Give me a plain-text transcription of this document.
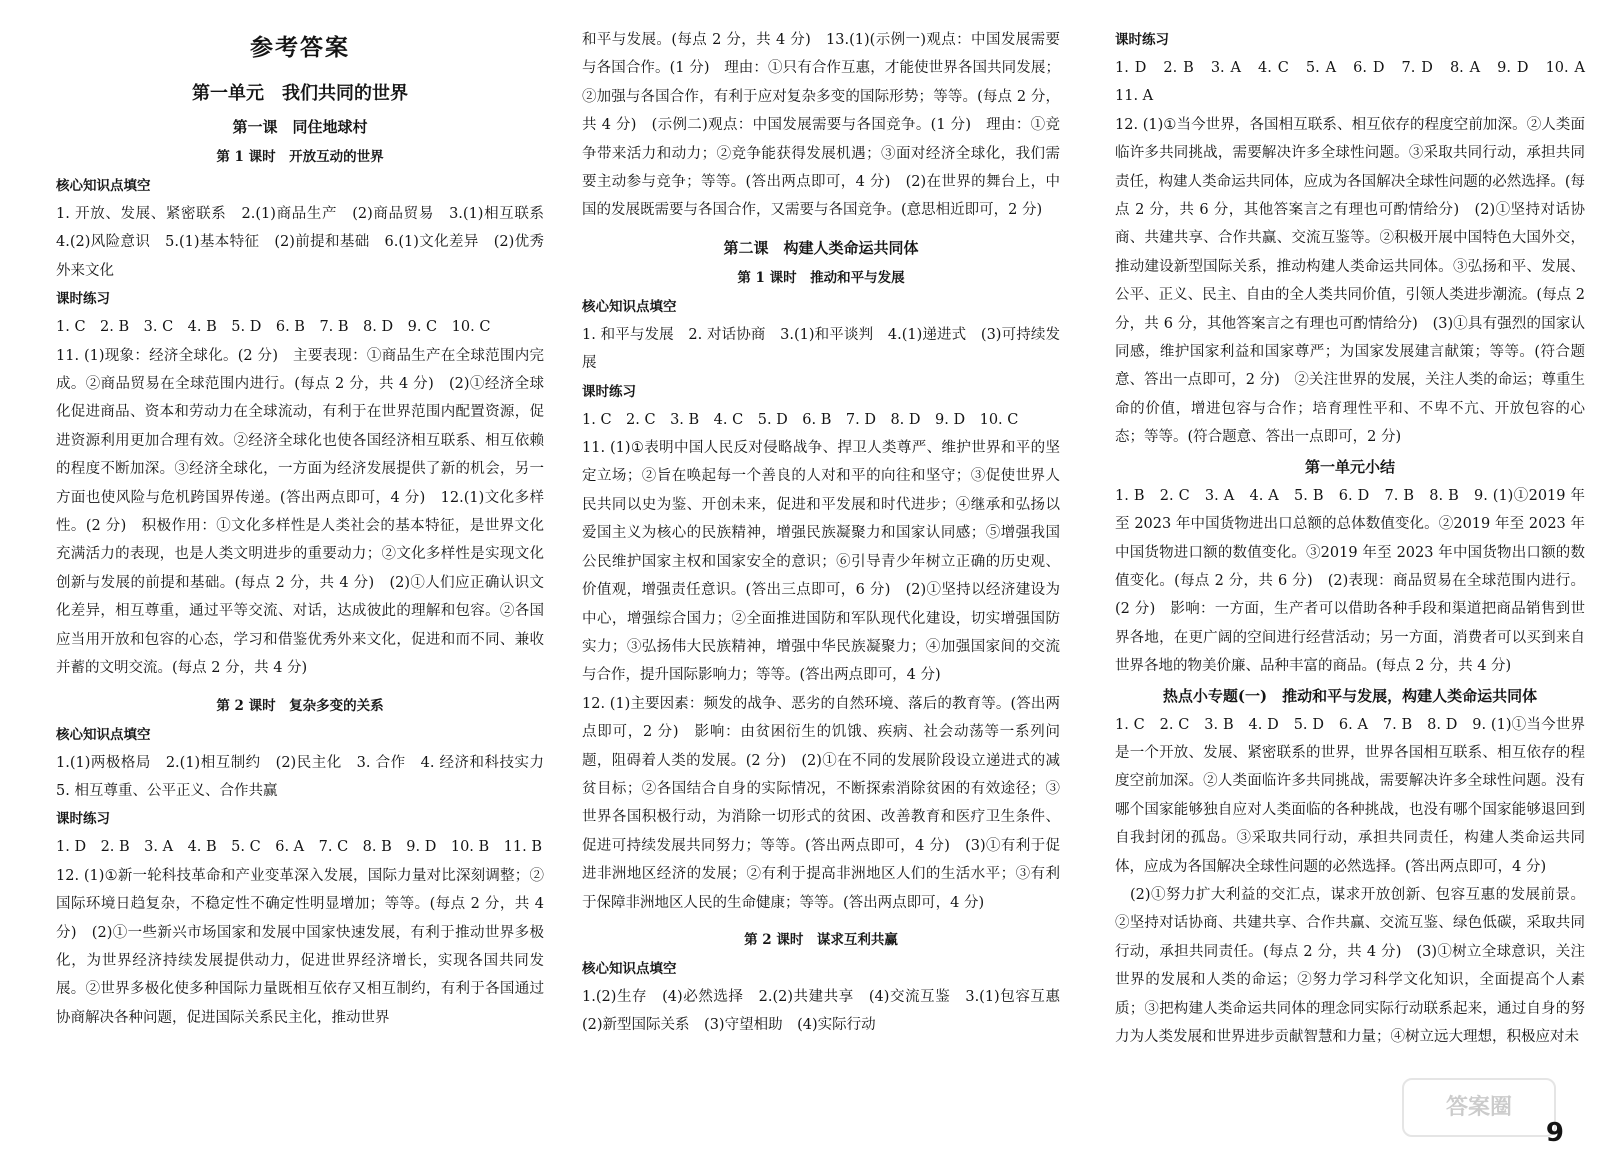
参考答案
第一单元　我们共同的世界
第一课　同住地球村
第 1 课时　开放互动的世界
核心知识点填空
1. 开放、发展、紧密联系　2.(1)商品生产　(2)商品贸易　3.(1)相互联系　4.(2)风险意识　5.(1)基本特征　(2)前提和基础　6.(1)文化差异　(2)优秀外来文化
课时练习
1. C　2. B　3. C　4. B　5. D　6. B　7. B　8. D　9. C　10. C
11. (1)现象：经济全球化。(2 分)　主要表现：①商品生产在全球范围内完成。②商品贸易在全球范围内进行。(每点 2 分，共 4 分)　(2)①经济全球化促进商品、资本和劳动力在全球流动，有利于在世界范围内配置资源，促进资源利用更加合理有效。②经济全球化也使各国经济相互联系、相互依赖的程度不断加深。③经济全球化，一方面为经济发展提供了新的机会，另一方面也使风险与危机跨国界传递。(答出两点即可，4 分)　12.(1)文化多样性。(2 分)　积极作用：①文化多样性是人类社会的基本特征，是世界文化充满活力的表现，也是人类文明进步的重要动力；②文化多样性是实现文化创新与发展的前提和基础。(每点 2 分，共 4 分)　(2)①人们应正确认识文化差异，相互尊重，通过平等交流、对话，达成彼此的理解和包容。②各国应当用开放和包容的心态，学习和借鉴优秀外来文化，促进和而不同、兼收并蓄的文明交流。(每点 2 分，共 4 分)
第 2 课时　复杂多变的关系
核心知识点填空
1.(1)两极格局　2.(1)相互制约　(2)民主化　3. 合作　4. 经济和科技实力　5. 相互尊重、公平正义、合作共赢
课时练习
1. D　2. B　3. A　4. B　5. C　6. A　7. C　8. B　9. D　10. B　11. B
12. (1)①新一轮科技革命和产业变革深入发展，国际力量对比深刻调整；②国际环境日趋复杂，不稳定性不确定性明显增加；等等。(每点 2 分，共 4 分)　(2)①一些新兴市场国家和发展中国家快速发展，有利于推动世界多极化，为世界经济持续发展提供动力，促进世界经济增长，实现各国共同发展。②世界多极化使多种国际力量既相互依存又相互制约，有利于各国通过协商解决各种问题，促进国际关系民主化，推动世界
和平与发展。(每点 2 分，共 4 分)　13.(1)(示例一)观点：中国发展需要与各国合作。(1 分)　理由：①只有合作互惠，才能使世界各国共同发展；②加强与各国合作，有利于应对复杂多变的国际形势；等等。(每点 2 分，共 4 分)　(示例二)观点：中国发展需要与各国竞争。(1 分)　理由：①竞争带来活力和动力；②竞争能获得发展机遇；③面对经济全球化，我们需要主动参与竞争；等等。(答出两点即可，4 分)　(2)在世界的舞台上，中国的发展既需要与各国合作，又需要与各国竞争。(意思相近即可，2 分)
第二课　构建人类命运共同体
第 1 课时　推动和平与发展
核心知识点填空
1. 和平与发展　2. 对话协商　3.(1)和平谈判　4.(1)递进式　(3)可持续发展
课时练习
1. C　2. C　3. B　4. C　5. D　6. B　7. D　8. D　9. D　10. C
11. (1)①表明中国人民反对侵略战争、捍卫人类尊严、维护世界和平的坚定立场；②旨在唤起每一个善良的人对和平的向往和坚守；③促使世界人民共同以史为鉴、开创未来，促进和平发展和时代进步；④继承和弘扬以爱国主义为核心的民族精神，增强民族凝聚力和国家认同感；⑤增强我国公民维护国家主权和国家安全的意识；⑥引导青少年树立正确的历史观、价值观，增强责任意识。(答出三点即可，6 分)　(2)①坚持以经济建设为中心，增强综合国力；②全面推进国防和军队现代化建设，切实增强国防实力；③弘扬伟大民族精神，增强中华民族凝聚力；④加强国家间的交流与合作，提升国际影响力；等等。(答出两点即可，4 分)
12. (1)主要因素：频发的战争、恶劣的自然环境、落后的教育等。(答出两点即可，2 分)　影响：由贫困衍生的饥饿、疾病、社会动荡等一系列问题，阻碍着人类的发展。(2 分)　(2)①在不同的发展阶段设立递进式的减贫目标；②各国结合自身的实际情况，不断探索消除贫困的有效途径；③世界各国积极行动，为消除一切形式的贫困、改善教育和医疗卫生条件、促进可持续发展共同努力；等等。(答出两点即可，4 分)　(3)①有利于促进非洲地区经济的发展；②有利于提高非洲地区人们的生活水平；③有利于保障非洲地区人民的生命健康；等等。(答出两点即可，4 分)
第 2 课时　谋求互利共赢
核心知识点填空
1.(2)生存　(4)必然选择　2.(2)共建共享　(4)交流互鉴　3.(1)包容互惠　(2)新型国际关系　(3)守望相助　(4)实际行动
课时练习
1. D　2. B　3. A　4. C　5. A　6. D　7. D　8. A　9. D　10. A　11. A
12. (1)①当今世界，各国相互联系、相互依存的程度空前加深。②人类面临许多共同挑战，需要解决许多全球性问题。③采取共同行动，承担共同责任，构建人类命运共同体，应成为各国解决全球性问题的必然选择。(每点 2 分，共 6 分，其他答案言之有理也可酌情给分)　(2)①坚持对话协商、共建共享、合作共赢、交流互鉴等。②积极开展中国特色大国外交，推动建设新型国际关系，推动构建人类命运共同体。③弘扬和平、发展、公平、正义、民主、自由的全人类共同价值，引领人类进步潮流。(每点 2 分，共 6 分，其他答案言之有理也可酌情给分)　(3)①具有强烈的国家认同感，维护国家利益和国家尊严；为国家发展建言献策；等等。(符合题意、答出一点即可，2 分)　②关注世界的发展，关注人类的命运；尊重生命的价值，增进包容与合作；培育理性平和、不卑不亢、开放包容的心态；等等。(符合题意、答出一点即可，2 分)
第一单元小结
1. B　2. C　3. A　4. A　5. B　6. D　7. B　8. B　9. (1)①2019 年至 2023 年中国货物进出口总额的总体数值变化。②2019 年至 2023 年中国货物进口额的数值变化。③2019 年至 2023 年中国货物出口额的数值变化。(每点 2 分，共 6 分)　(2)表现：商品贸易在全球范围内进行。(2 分)　影响：一方面，生产者可以借助各种手段和渠道把商品销售到世界各地，在更广阔的空间进行经营活动；另一方面，消费者可以买到来自世界各地的物美价廉、品种丰富的商品。(每点 2 分，共 4 分)
热点小专题(一)　推动和平与发展，构建人类命运共同体
1. C　2. C　3. B　4. D　5. D　6. A　7. B　8. D　9. (1)①当今世界是一个开放、发展、紧密联系的世界，世界各国相互联系、相互依存的程度空前加深。②人类面临许多共同挑战，需要解决许多全球性问题。没有哪个国家能够独自应对人类面临的各种挑战，也没有哪个国家能够退回到自我封闭的孤岛。③采取共同行动，承担共同责任，构建人类命运共同体，应成为各国解决全球性问题的必然选择。(答出两点即可，4 分)
　(2)①努力扩大利益的交汇点，谋求开放创新、包容互惠的发展前景。②坚持对话协商、共建共享、合作共赢、交流互鉴、绿色低碳，采取共同行动，承担共同责任。(每点 2 分，共 4 分)　(3)①树立全球意识，关注世界的发展和人类的命运；②努力学习科学文化知识，全面提高个人素质；③把构建人类命运共同体的理念同实际行动联系起来，通过自身的努力为人类发展和世界进步贡献智慧和力量；④树立远大理想，积极应对未
答案圈
9
